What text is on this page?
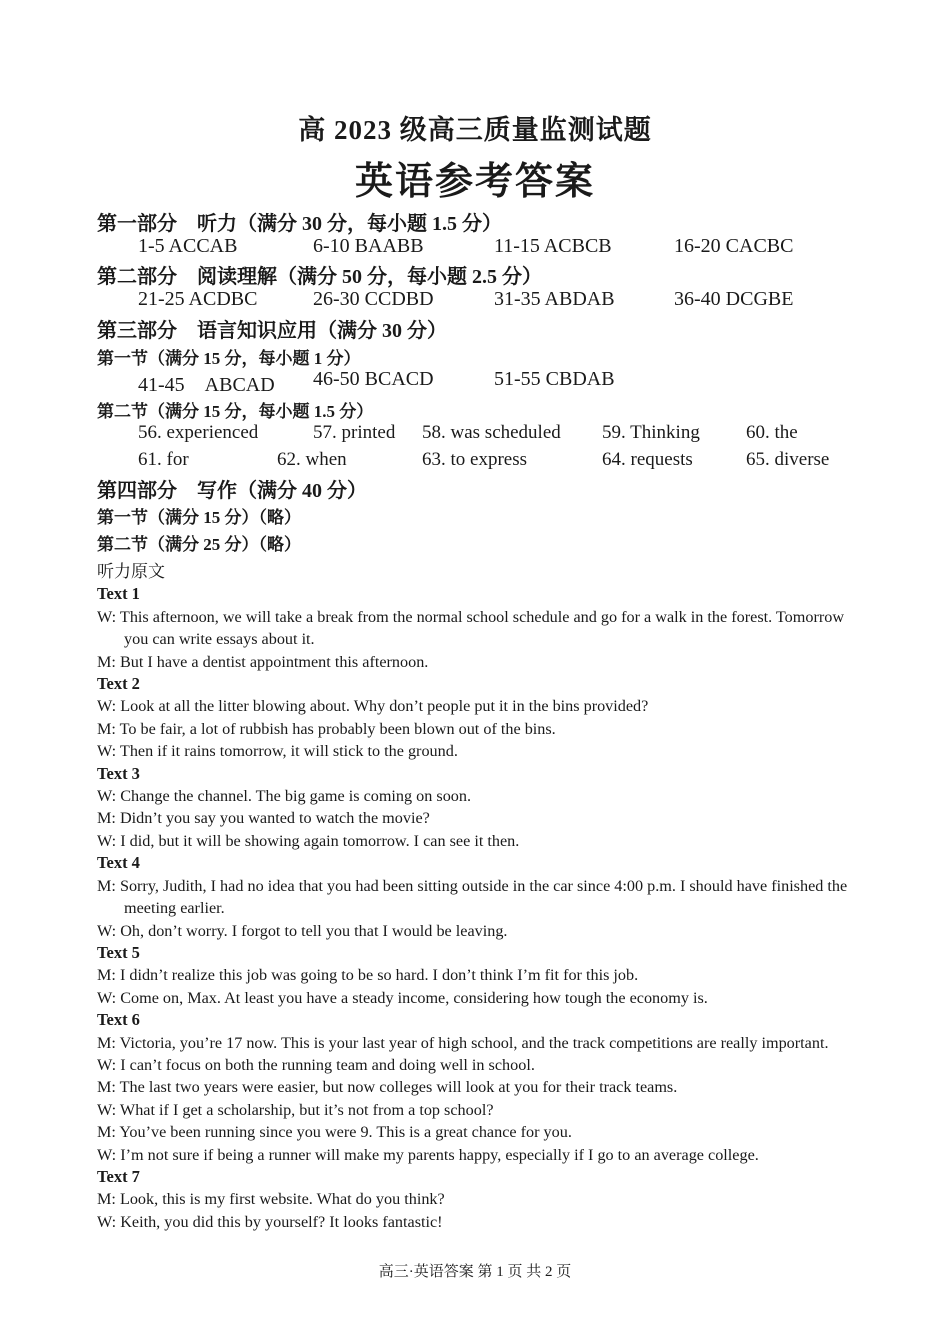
高 2023 级高三质量监测试题
英语参考答案
第一部分　听力（满分 30 分，每小题 1.5 分）
1-5 ACCAB	6-10 BAABB	11-15 ACBCB	16-20 CACBC
第二部分　阅读理解（满分 50 分，每小题 2.5 分）
21-25 ACDBC	26-30 CCDBD	31-35 ABDAB	36-40 DCGBE
第三部分　语言知识应用（满分 30 分）
第一节（满分 15 分，每小题 1 分）
41-45　ABCAD 46-50 BCACD	51-55 CBDAB
第二节（满分 15 分，每小题 1.5 分）
56. experienced	57. printed 58. was scheduled 59. Thinking 60. the
61. for	62. when	63. to express	64. requests	65. diverse
第四部分　写作（满分 40 分）
第一节（满分 15 分）（略）
第二节（满分 25 分）（略）
听力原文
Text 1
W: This afternoon, we will take a break from the normal school schedule and go for a walk in the forest. Tomorrow you can write essays about it.
M: But I have a dentist appointment this afternoon.
Text 2
W: Look at all the litter blowing about. Why don’t people put it in the bins provided?
M: To be fair, a lot of rubbish has probably been blown out of the bins.
W: Then if it rains tomorrow, it will stick to the ground.
Text 3
W: Change the channel. The big game is coming on soon.
M: Didn’t you say you wanted to watch the movie?
W: I did, but it will be showing again tomorrow. I can see it then.
Text 4
M: Sorry, Judith, I had no idea that you had been sitting outside in the car since 4:00 p.m. I should have finished the meeting earlier.
W: Oh, don’t worry. I forgot to tell you that I would be leaving.
Text 5
M: I didn’t realize this job was going to be so hard. I don’t think I’m fit for this job.
W: Come on, Max. At least you have a steady income, considering how tough the economy is.
Text 6
M: Victoria, you’re 17 now. This is your last year of high school, and the track competitions are really important.
W: I can’t focus on both the running team and doing well in school.
M: The last two years were easier, but now colleges will look at you for their track teams.
W: What if I get a scholarship, but it’s not from a top school?
M: You’ve been running since you were 9. This is a great chance for you.
W: I’m not sure if being a runner will make my parents happy, especially if I go to an average college.
Text 7
M: Look, this is my first website. What do you think?
W: Keith, you did this by yourself? It looks fantastic!
高三·英语答案 第 1 页 共 2 页
